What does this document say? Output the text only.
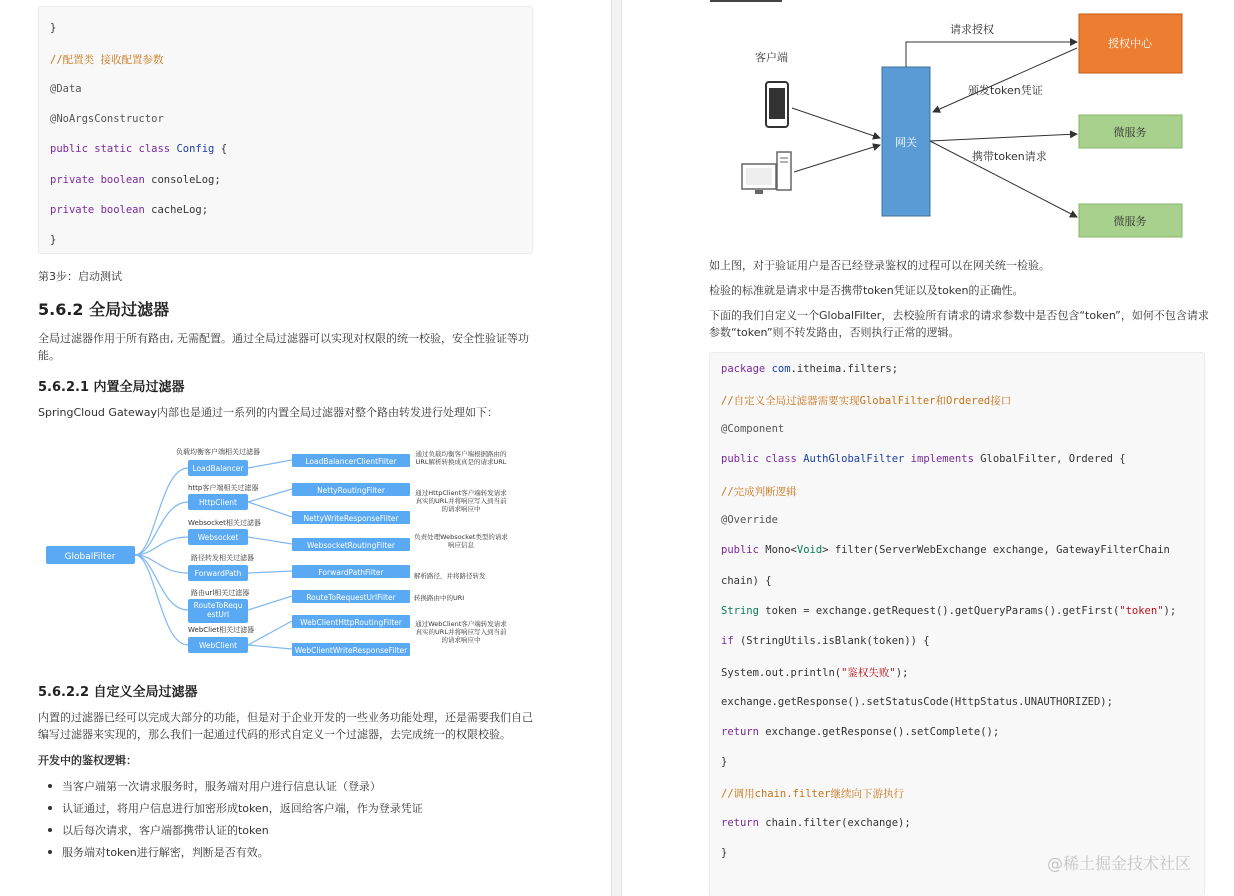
}
//配置类 接收配置参数
@Data
@NoArgsConstructor
public static class Config {
private boolean consoleLog;
private boolean cacheLog;
}
第3步：启动测试
5.6.2 全局过滤器
全局过滤器作用于所有路由, 无需配置。通过全局过滤器可以实现对权限的统一校验，安全性验证等功
能。
5.6.2.1 内置全局过滤器
SpringCloud Gateway内部也是通过一系列的内置全局过滤器对整个路由转发进行处理如下：
GlobalFilter
负载均衡客户端相关过滤器
LoadBalancer
http客户端相关过滤器
HttpClient
Websocket相关过滤器
Websocket
路径转发相关过滤器
ForwardPath
路由url相关过滤器
RouteToRequestUrl
WebCliet相关过滤器
WebClient
LoadBalancerClientFilter
NettyRoutingFilter
NettyWriteResponseFilter
WebsocketRoutingFilter
ForwardPathFilter
RouteToRequestUrlFilter
WebClientHttpRoutingFilter
WebClientWriteResponseFilter
通过负载均衡客户端根据路由的URL解析转换成真是的请求URL
通过HttpClient客户端转发请求真实的URL并将响应写入到当前的请求响应中
负责处理Websocket类型的请求响应信息
解析路径，并将路径转发
转换路由中的URI
通过WebClient客户端转发请求真实的URL并将响应写入到当前的请求响应中
5.6.2.2 自定义全局过滤器
内置的过滤器已经可以完成大部分的功能，但是对于企业开发的一些业务功能处理，还是需要我们自己
编写过滤器来实现的，那么我们一起通过代码的形式自定义一个过滤器，去完成统一的权限校验。
开发中的鉴权逻辑：
当客户端第一次请求服务时，服务端对用户进行信息认证（登录）
认证通过，将用户信息进行加密形成token，返回给客户端，作为登录凭证
以后每次请求，客户端都携带认证的token
服务端对token进行解密，判断是否有效。
客户端
网关
请求授权
颁发token凭证
授权中心
携带token请求
微服务
微服务
如上图，对于验证用户是否已经登录鉴权的过程可以在网关统一检验。
检验的标准就是请求中是否携带token凭证以及token的正确性。
下面的我们自定义一个GlobalFilter，去校验所有请求的请求参数中是否包含“token”，如何不包含请求
参数“token”则不转发路由，否则执行正常的逻辑。
package com.itheima.filters;
//自定义全局过滤器需要实现GlobalFilter和Ordered接口
@Component
public class AuthGlobalFilter implements GlobalFilter, Ordered {
//完成判断逻辑
@Override
public Mono<Void> filter(ServerWebExchange exchange, GatewayFilterChain
chain) {
String token = exchange.getRequest().getQueryParams().getFirst("token");
if (StringUtils.isBlank(token)) {
System.out.println("鉴权失败");
exchange.getResponse().setStatusCode(HttpStatus.UNAUTHORIZED);
return exchange.getResponse().setComplete();
}
//调用chain.filter继续向下游执行
return chain.filter(exchange);
}
@稀土掘金技术社区
